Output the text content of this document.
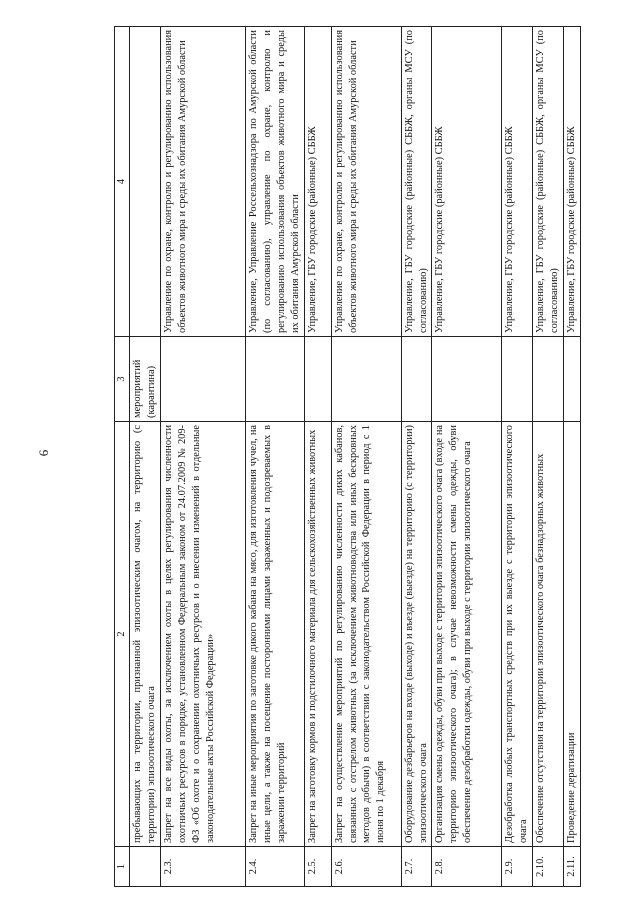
6
1	2	3	4
	пребывающих на территории, признанной эпизоотическим очагом, на территорию (с территории) эпизоотического очага	мероприятий (карантина)	
2.3.	Запрет на все виды охоты, за исключением охоты в целях регулирования численности охотничьих ресурсов в порядке, установленном Федеральным законом от 24.07.2009 № 209-ФЗ «Об охоте и о сохранении охотничьих ресурсов и о внесении изменений в отдельные законодательные акты Российской Федерации»		Управление по охране, контролю и регулированию использования объектов животного мира и среды их обитания Амурской области
2.4.	Запрет на иные мероприятия по заготовке дикого кабана на мясо, для изготовления чучел, на иные цели, а также на посещение посторонними лицами зараженных и подозреваемых в заражении территорий		Управление, Управление Россельхознадзора по Амурской области (по согласованию), управление по охране, контролю и регулированию использования объектов животного мира и среды их обитания Амурской области
2.5.	Запрет на заготовку кормов и подстилочного материала для сельскохозяйственных животных		Управление, ГБУ городские (районные) СББЖ
2.6.	Запрет на осуществление мероприятий по регулированию численности диких кабанов, связанных с отстрелом животных (за исключением животноводства или иных бескровных методов добычи) в соответствии с законодательством Российской Федерации в период с 1 июня по 1 декабря		Управление по охране, контролю и регулированию использования объектов животного мира и среды их обитания Амурской области
2.7.	Оборудование дезбарьеров на входе (выходе) и въезде (выезде) на территорию (с территории) эпизоотического очага		Управление, ГБУ городские (районные) СББЖ, органы МСУ (по согласованию)
2.8.	Организация смены одежды, обуви при выходе с территории эпизоотического очага (входе на территорию эпизоотического очага); в случае невозможности смены одежды, обуви обеспечение дезобработки одежды, обуви при выходе с территории эпизоотического очага		Управление, ГБУ городские (районные) СББЖ
2.9.	Дезобработка любых транспортных средств при их выезде с территории эпизоотического очага		Управление, ГБУ городские (районные) СББЖ
2.10.	Обеспечение отсутствия на территории эпизоотического очага безнадзорных животных		Управление, ГБУ городские (районные) СББЖ, органы МСУ (по согласованию)
2.11.	Проведение дератизации		Управление, ГБУ городские (районные) СББЖ
